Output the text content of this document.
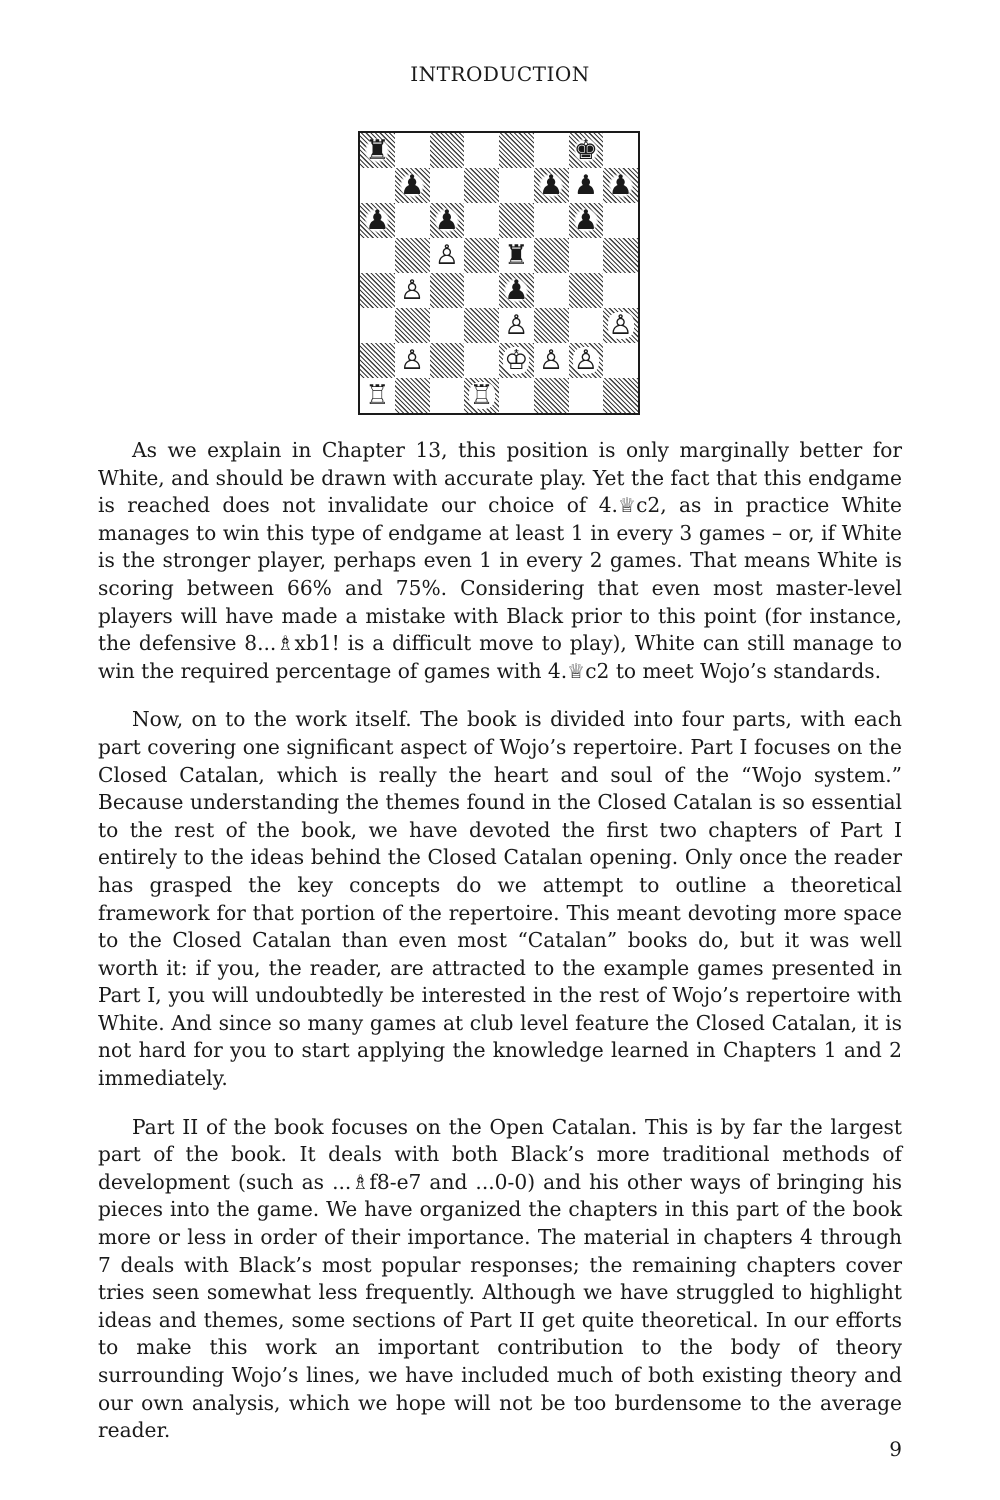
INTRODUCTION
♜	♚
♟	♟ ♟ ♟
♟ ♟	♟
♙ ♜
♙	♟
♙	♙
♙	♔ ♙ ♙
♖	♖

As we explain in Chapter 13, this position is only marginally better for White, and should be drawn with accurate play. Yet the fact that this endgame is reached does not invalidate our choice of 4.♕c2, as in practice White manages to win this type of endgame at least 1 in every 3 games – or, if White is the stronger player, perhaps even 1 in every 2 games. That means White is scoring between 66% and 75%. Considering that even most master-level players will have made a mistake with Black prior to this point (for instance, the defensive 8...♗xb1! is a difficult move to play), White can still manage to win the required percentage of games with 4.♕c2 to meet Wojo’s standards.

Now, on to the work itself. The book is divided into four parts, with each part covering one significant aspect of Wojo’s repertoire. Part I focuses on the Closed Catalan, which is really the heart and soul of the “Wojo system.” Because understanding the themes found in the Closed Catalan is so essential to the rest of the book, we have devoted the first two chapters of Part I entirely to the ideas behind the Closed Catalan opening. Only once the reader has grasped the key concepts do we attempt to outline a theoretical framework for that portion of the repertoire. This meant devoting more space to the Closed Catalan than even most “Catalan” books do, but it was well worth it: if you, the reader, are attracted to the example games presented in Part I, you will undoubtedly be interested in the rest of Wojo’s repertoire with White. And since so many games at club level feature the Closed Catalan, it is not hard for you to start applying the knowledge learned in Chapters 1 and 2 immediately.

Part II of the book focuses on the Open Catalan. This is by far the largest part of the book. It deals with both Black’s more traditional methods of development (such as ...♗f8-e7 and ...0-0) and his other ways of bringing his pieces into the game. We have organized the chapters in this part of the book more or less in order of their importance. The material in chapters 4 through 7 deals with Black’s most popular responses; the remaining chapters cover tries seen somewhat less frequently. Although we have struggled to highlight ideas and themes, some sections of Part II get quite theoretical. In our efforts to make this work an important contribution to the body of theory surrounding Wojo’s lines, we have included much of both existing theory and our own analysis, which we hope will not be too burdensome to the average reader.

9
